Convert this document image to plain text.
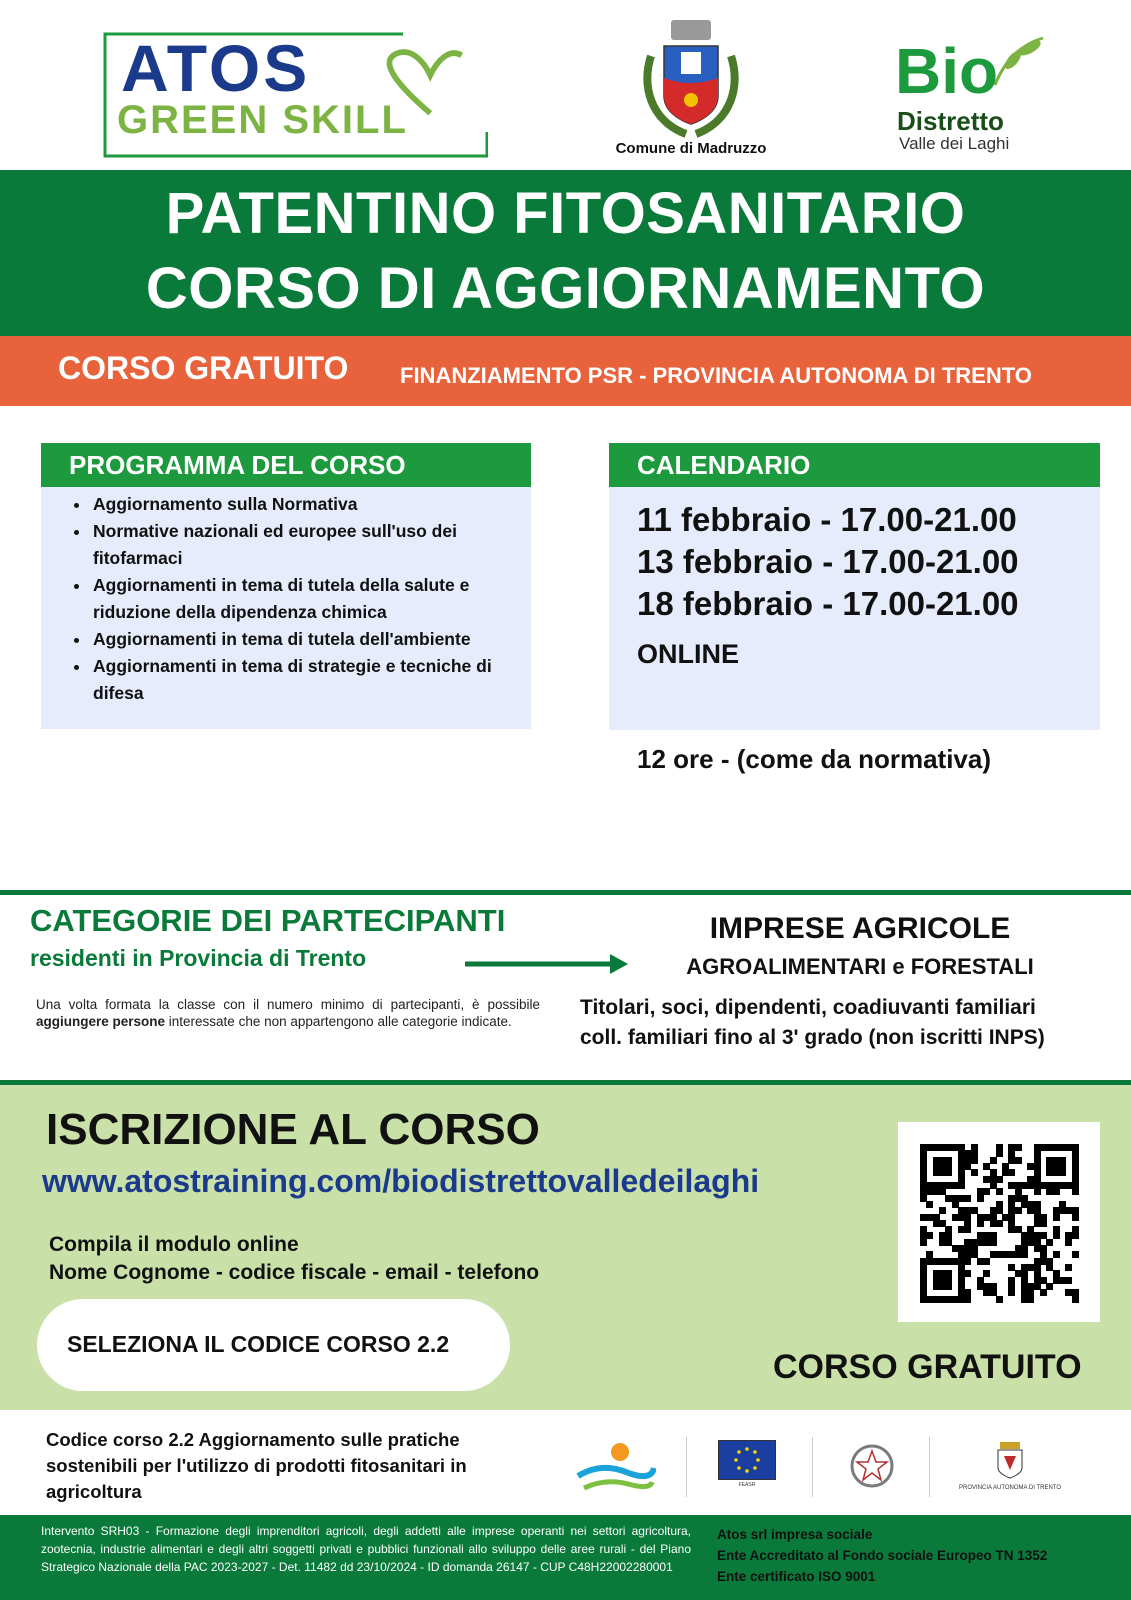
ATOS
GREEN SKILL
Comune di Madruzzo
Bio
Distretto
Valle dei Laghi
PATENTINO FITOSANITARIO
CORSO DI AGGIORNAMENTO
CORSO GRATUITO FINANZIAMENTO PSR - PROVINCIA AUTONOMA DI TRENTO
PROGRAMMA DEL CORSO
• Aggiornamento sulla Normativa
• Normative nazionali ed europee sull'uso dei fitofarmaci
• Aggiornamenti in tema di tutela della salute e riduzione della dipendenza chimica
• Aggiornamenti in tema di tutela dell'ambiente
• Aggiornamenti in tema di strategie e tecniche di difesa
CALENDARIO
11 febbraio - 17.00-21.00
13 febbraio - 17.00-21.00
18 febbraio - 17.00-21.00
ONLINE
12 ore - (come da normativa)
CATEGORIE DEI PARTECIPANTI
residenti in Provincia di Trento
Una volta formata la classe con il numero minimo di partecipanti, è possibile aggiungere persone interessate che non appartengono alle categorie indicate.
IMPRESE AGRICOLE
AGROALIMENTARI e FORESTALI
Titolari, soci, dipendenti, coadiuvanti familiari
coll. familiari fino al 3' grado (non iscritti INPS)
ISCRIZIONE AL CORSO
www.atostraining.com/biodistrettovalledeilaghi
Compila il modulo online
Nome Cognome - codice fiscale - email - telefono
SELEZIONA IL CODICE CORSO 2.2
CORSO GRATUITO
Codice corso 2.2 Aggiornamento sulle pratiche sostenibili per l'utilizzo di prodotti fitosanitari in agricoltura	FEASR	PROVINCIA AUTONOMA DI TRENTO
Intervento SRH03 - Formazione degli imprenditori agricoli, degli addetti alle imprese operanti nei settori agricoltura, zootecnia, industrie alimentari e degli altri soggetti privati e pubblici funzionali allo sviluppo delle aree rurali - del Piano Strategico Nazionale della PAC 2023-2027 - Det. 11482 dd 23/10/2024 - ID domanda 26147 - CUP C48H22002280001
Atos srl impresa sociale
Ente Accreditato al Fondo sociale Europeo TN 1352
Ente certificato ISO 9001
